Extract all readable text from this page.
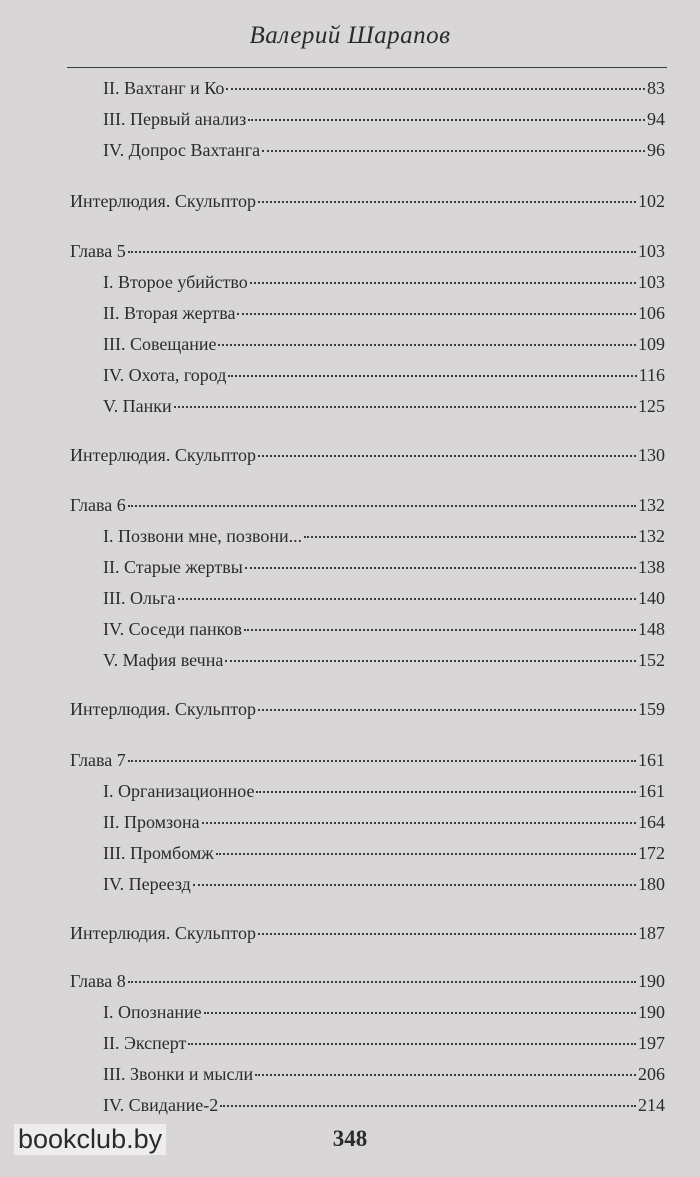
Валерий Шарапов
II. Вахтанг и Ко	83
III. Первый анализ	94
IV. Допрос Вахтанга	96
Интерлюдия. Скульптор	102
Глава 5	103
I. Второе убийство	103
II. Вторая жертва	106
III. Совещание	109
IV. Охота, город	116
V. Панки	125
Интерлюдия. Скульптор	130
Глава 6	132
I. Позвони мне, позвони...	132
II. Старые жертвы	138
III. Ольга	140
IV. Соседи панков	148
V. Мафия вечна	152
Интерлюдия. Скульптор	159
Глава 7	161
I. Организационное	161
II. Промзона	164
III. Промбомж	172
IV. Переезд	180
Интерлюдия. Скульптор	187
Глава 8	190
I. Опознание	190
II. Эксперт	197
III. Звонки и мысли	206
IV. Свидание-2	214
348
bookclub.by
